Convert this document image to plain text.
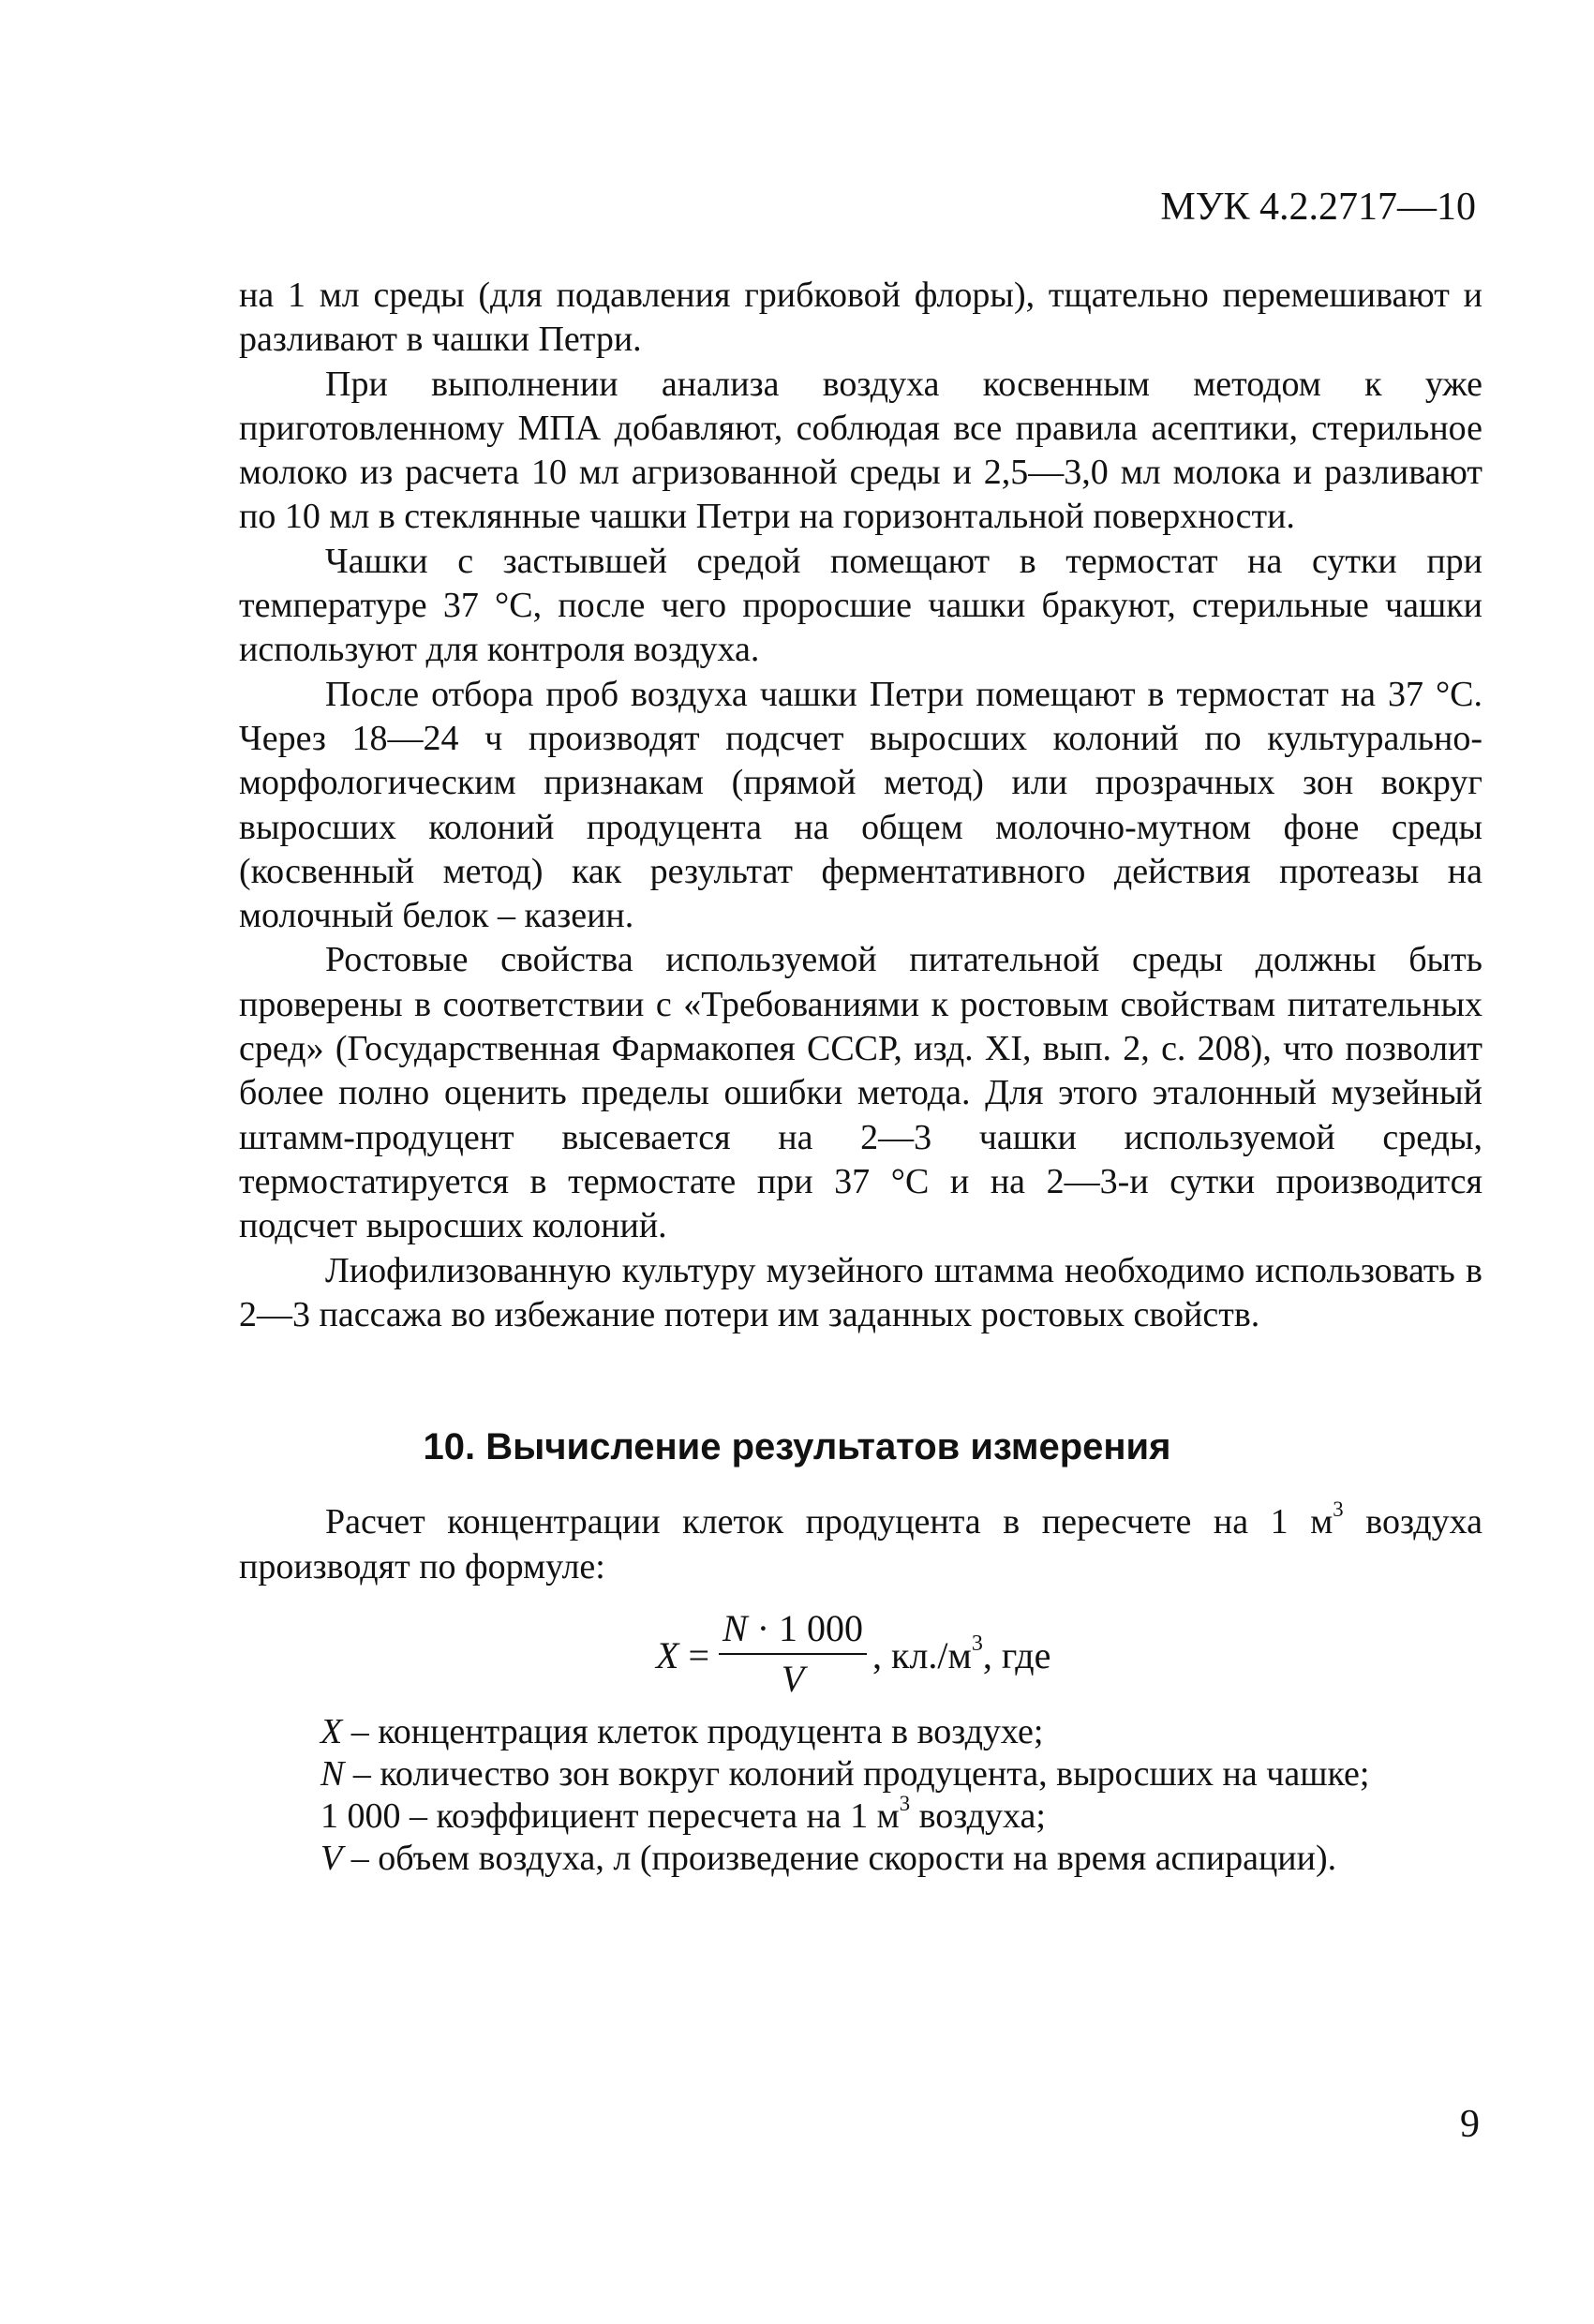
МУК 4.2.2717—10

на 1 мл среды (для подавления грибковой флоры), тщательно перемешивают и разливают в чашки Петри.

При выполнении анализа воздуха косвенным методом к уже приготовленному МПА добавляют, соблюдая все правила асептики, стерильное молоко из расчета 10 мл агризованной среды и 2,5—3,0 мл молока и разливают по 10 мл в стеклянные чашки Петри на горизонтальной поверхности.

Чашки с застывшей средой помещают в термостат на сутки при температуре 37 °С, после чего проросшие чашки бракуют, стерильные чашки используют для контроля воздуха.

После отбора проб воздуха чашки Петри помещают в термостат на 37 °С. Через 18—24 ч производят подсчет выросших колоний по культурально-морфологическим признакам (прямой метод) или прозрачных зон вокруг выросших колоний продуцента на общем молочно-мутном фоне среды (косвенный метод) как результат ферментативного действия протеазы на молочный белок – казеин.

Ростовые свойства используемой питательной среды должны быть проверены в соответствии с «Требованиями к ростовым свойствам питательных сред» (Государственная Фармакопея СССР, изд. XI, вып. 2, с. 208), что позволит более полно оценить пределы ошибки метода. Для этого эталонный музейный штамм-продуцент высевается на 2—3 чашки используемой среды, термостатируется в термостате при 37 °С и на 2—3-и сутки производится подсчет выросших колоний.

Лиофилизованную культуру музейного штамма необходимо использовать в 2—3 пассажа во избежание потери им заданных ростовых свойств.

10. Вычисление результатов измерения

Расчет концентрации клеток продуцента в пересчете на 1 $м^3$ воздуха производят по формуле:

$X = \frac{N \cdot 1 000}{V}$ , $кл./м^3$, где
X – концентрация клеток продуцента в воздухе;
N – количество зон вокруг колоний продуцента, выросших на чашке;
1 000 – коэффициент пересчета на 1 $м^3$ воздуха;
V – объем воздуха, л (произведение скорости на время аспирации).
9
